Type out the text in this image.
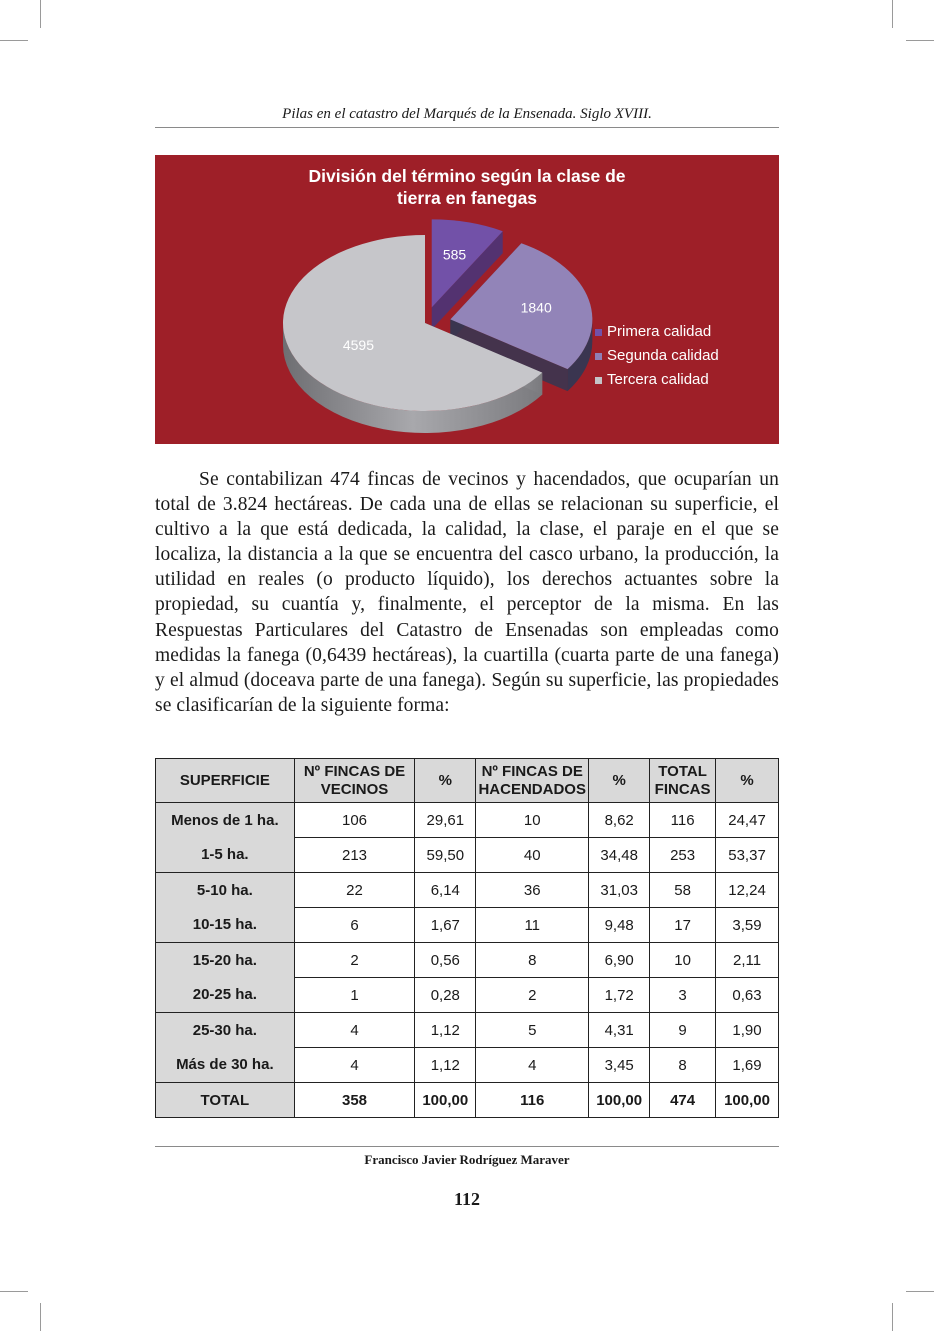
Pilas en el catastro del Marqués de la Ensenada. Siglo XVIII.
División del término según la clase de
tierra en fanegas
585
1840
4595
Primera calidad
Segunda calidad
Tercera calidad

Se contabilizan 474 fincas de vecinos y hacendados, que ocuparían un total de 3.824 hectáreas. De cada una de ellas se relacionan su superficie, el cultivo a la que está dedicada, la calidad, la clase, el paraje en el que se localiza, la distancia a la que se encuentra del casco urbano, la producción, la utilidad en reales (o producto líquido), los derechos actuantes sobre la propiedad, su cuantía y, finalmente, el perceptor de la misma. En las Respuestas Particulares del Catastro de Ensenadas son empleadas como medidas la fanega (0,6439 hectáreas), la cuartilla (cuarta parte de una fanega) y el almud (doceava parte de una fanega). Según su superficie, las propiedades se clasificarían de la siguiente forma:

SUPERFICIE	Nº FINCAS DE VECINOS	%	Nº FINCAS DE HACENDADOS	%	TOTAL FINCAS	%
Menos de 1 ha.	106	29,61	10	8,62	116	24,47
1-5 ha.	213	59,50	40	34,48	253	53,37
5-10 ha.	22	6,14	36	31,03	58	12,24
10-15 ha.	6	1,67	11	9,48	17	3,59
15-20 ha.	2	0,56	8	6,90	10	2,11
20-25 ha.	1	0,28	2	1,72	3	0,63
25-30 ha.	4	1,12	5	4,31	9	1,90
Más de 30 ha.	4	1,12	4	3,45	8	1,69
TOTAL	358	100,00	116	100,00	474	100,00
Francisco Javier Rodríguez Maraver
112
